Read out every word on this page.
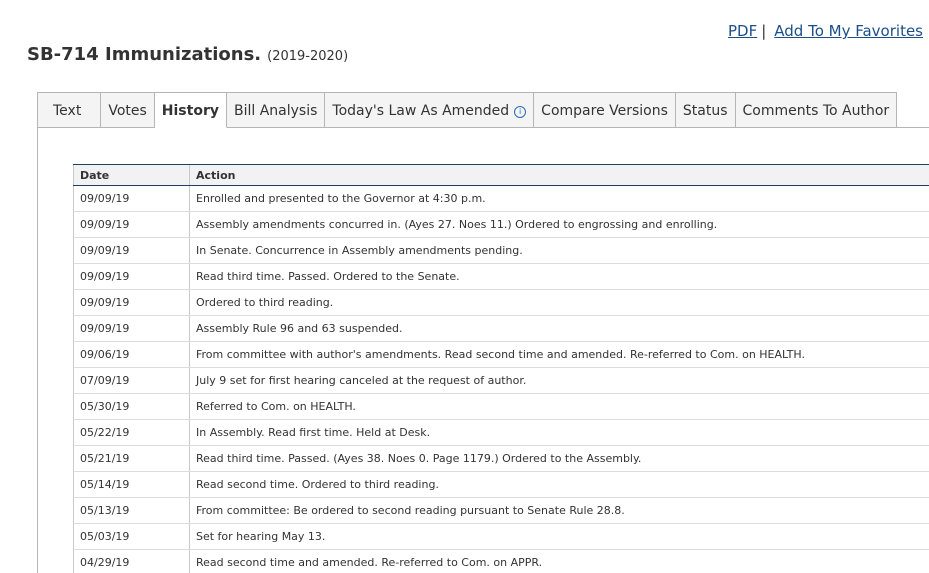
PDF | Add To My Favorites
SB-714 Immunizations. (2019-2020)
Text	Votes	History	Bill Analysis	Today's Law As Amended i	Compare Versions	Status	Comments To Author
Date	Action
09/09/19	Enrolled and presented to the Governor at 4:30 p.m.
09/09/19	Assembly amendments concurred in. (Ayes 27. Noes 11.) Ordered to engrossing and enrolling.
09/09/19	In Senate. Concurrence in Assembly amendments pending.
09/09/19	Read third time. Passed. Ordered to the Senate.
09/09/19	Ordered to third reading.
09/09/19	Assembly Rule 96 and 63 suspended.
09/06/19	From committee with author's amendments. Read second time and amended. Re-referred to Com. on HEALTH.
07/09/19	July 9 set for first hearing canceled at the request of author.
05/30/19	Referred to Com. on HEALTH.
05/22/19	In Assembly. Read first time. Held at Desk.
05/21/19	Read third time. Passed. (Ayes 38. Noes 0. Page 1179.) Ordered to the Assembly.
05/14/19	Read second time. Ordered to third reading.
05/13/19	From committee: Be ordered to second reading pursuant to Senate Rule 28.8.
05/03/19	Set for hearing May 13.
04/29/19	Read second time and amended. Re-referred to Com. on APPR.
